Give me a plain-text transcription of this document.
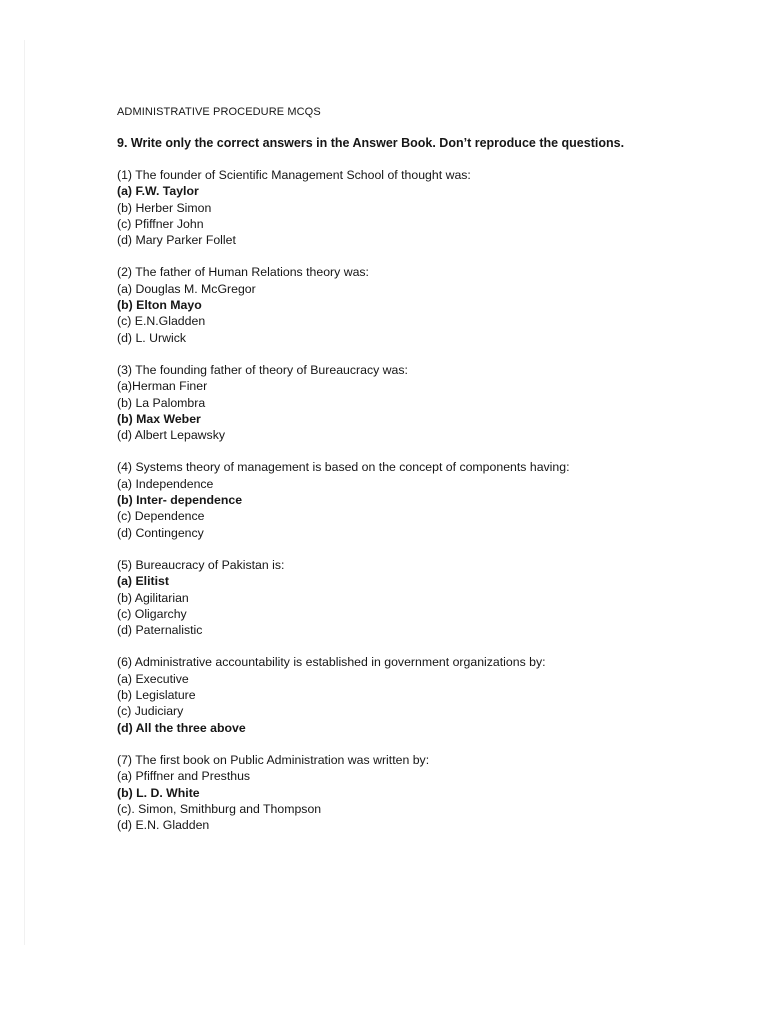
ADMINISTRATIVE PROCEDURE MCQS
9. Write only the correct answers in the Answer Book. Don’t reproduce the questions.
(1) The founder of Scientific Management School of thought was:
(a) F.W. Taylor
(b) Herber Simon
(c) Pfiffner John
(d) Mary Parker Follet
(2) The father of Human Relations theory was:
(a) Douglas M. McGregor
(b) Elton Mayo
(c) E.N.Gladden
(d) L. Urwick
(3) The founding father of theory of Bureaucracy was:
(a)Herman Finer
(b) La Palombra
(b) Max Weber
(d) Albert Lepawsky
(4) Systems theory of management is based on the concept of components having:
(a) Independence
(b) Inter- dependence
(c) Dependence
(d) Contingency
(5) Bureaucracy of Pakistan is:
(a) Elitist
(b) Agilitarian
(c) Oligarchy
(d) Paternalistic
(6) Administrative accountability is established in government organizations by:
(a) Executive
(b) Legislature
(c) Judiciary
(d) All the three above
(7) The first book on Public Administration was written by:
(a) Pfiffner and Presthus
(b) L. D. White
(c). Simon, Smithburg and Thompson
(d) E.N. Gladden
